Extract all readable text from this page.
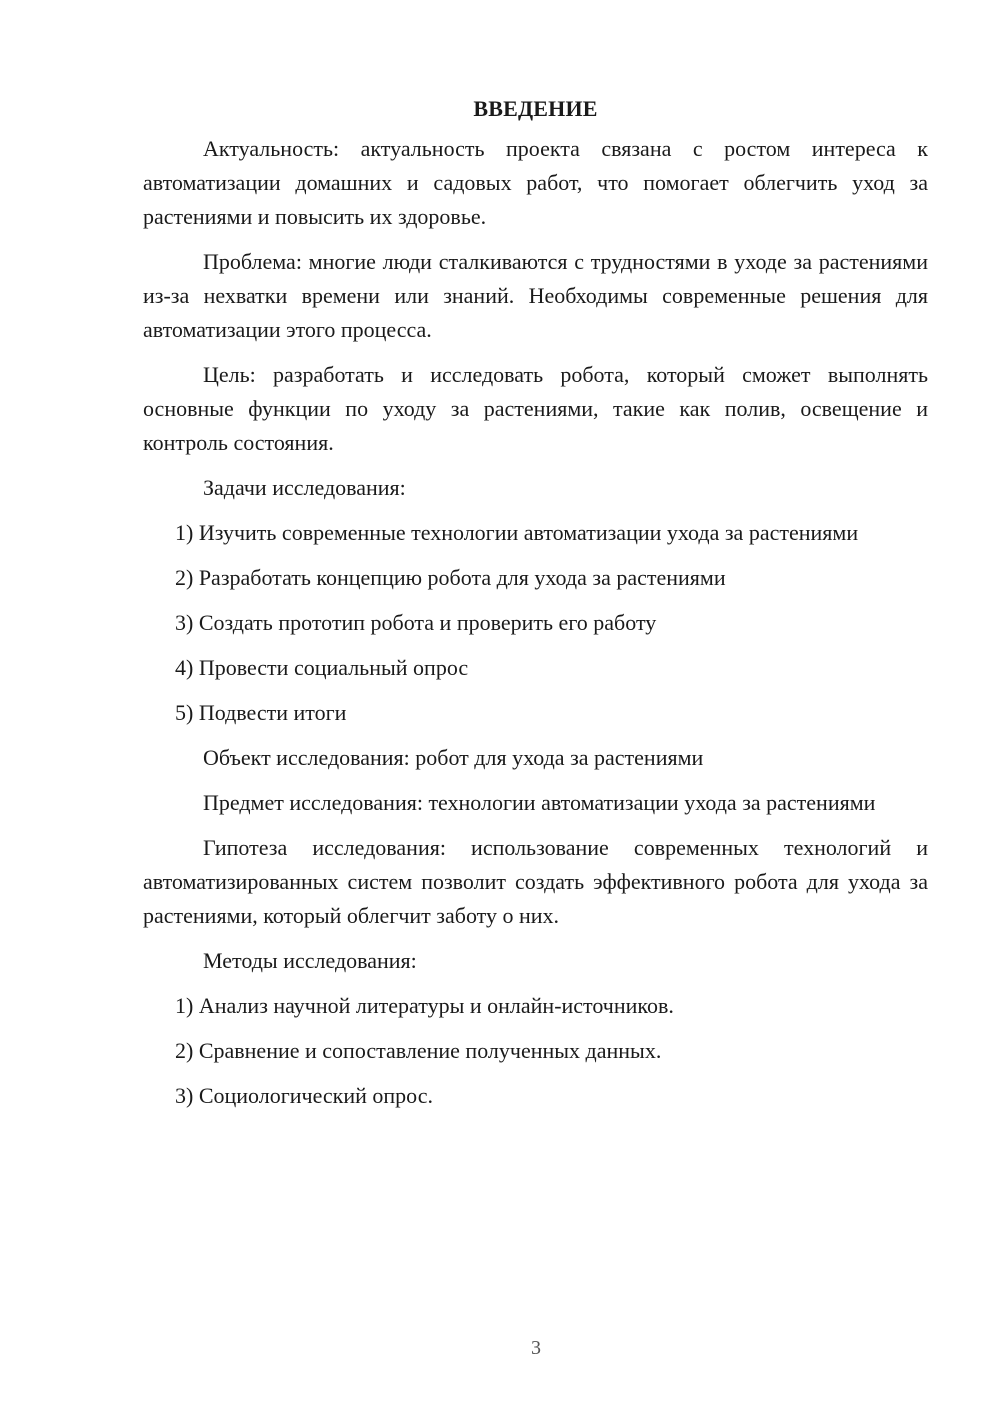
ВВЕДЕНИЕ

Актуальность: актуальность проекта связана с ростом интереса к автоматизации домашних и садовых работ, что помогает облегчить уход за растениями и повысить их здоровье.

Проблема: многие люди сталкиваются с трудностями в уходе за растениями из-за нехватки времени или знаний. Необходимы современные решения для автоматизации этого процесса.

Цель: разработать и исследовать робота, который сможет выполнять основные функции по уходу за растениями, такие как полив, освещение и контроль состояния.

Задачи исследования:

1) Изучить современные технологии автоматизации ухода за растениями
2) Разработать концепцию робота для ухода за растениями
3) Создать прототип робота и проверить его работу
4) Провести социальный опрос
5) Подвести итоги

Объект исследования: робот для ухода за растениями

Предмет исследования: технологии автоматизации ухода за растениями

Гипотеза исследования: использование современных технологий и автоматизированных систем позволит создать эффективного робота для ухода за растениями, который облегчит заботу о них.

Методы исследования:

1) Анализ научной литературы и онлайн-источников.
2) Сравнение и сопоставление полученных данных.
3) Социологический опрос.
3
